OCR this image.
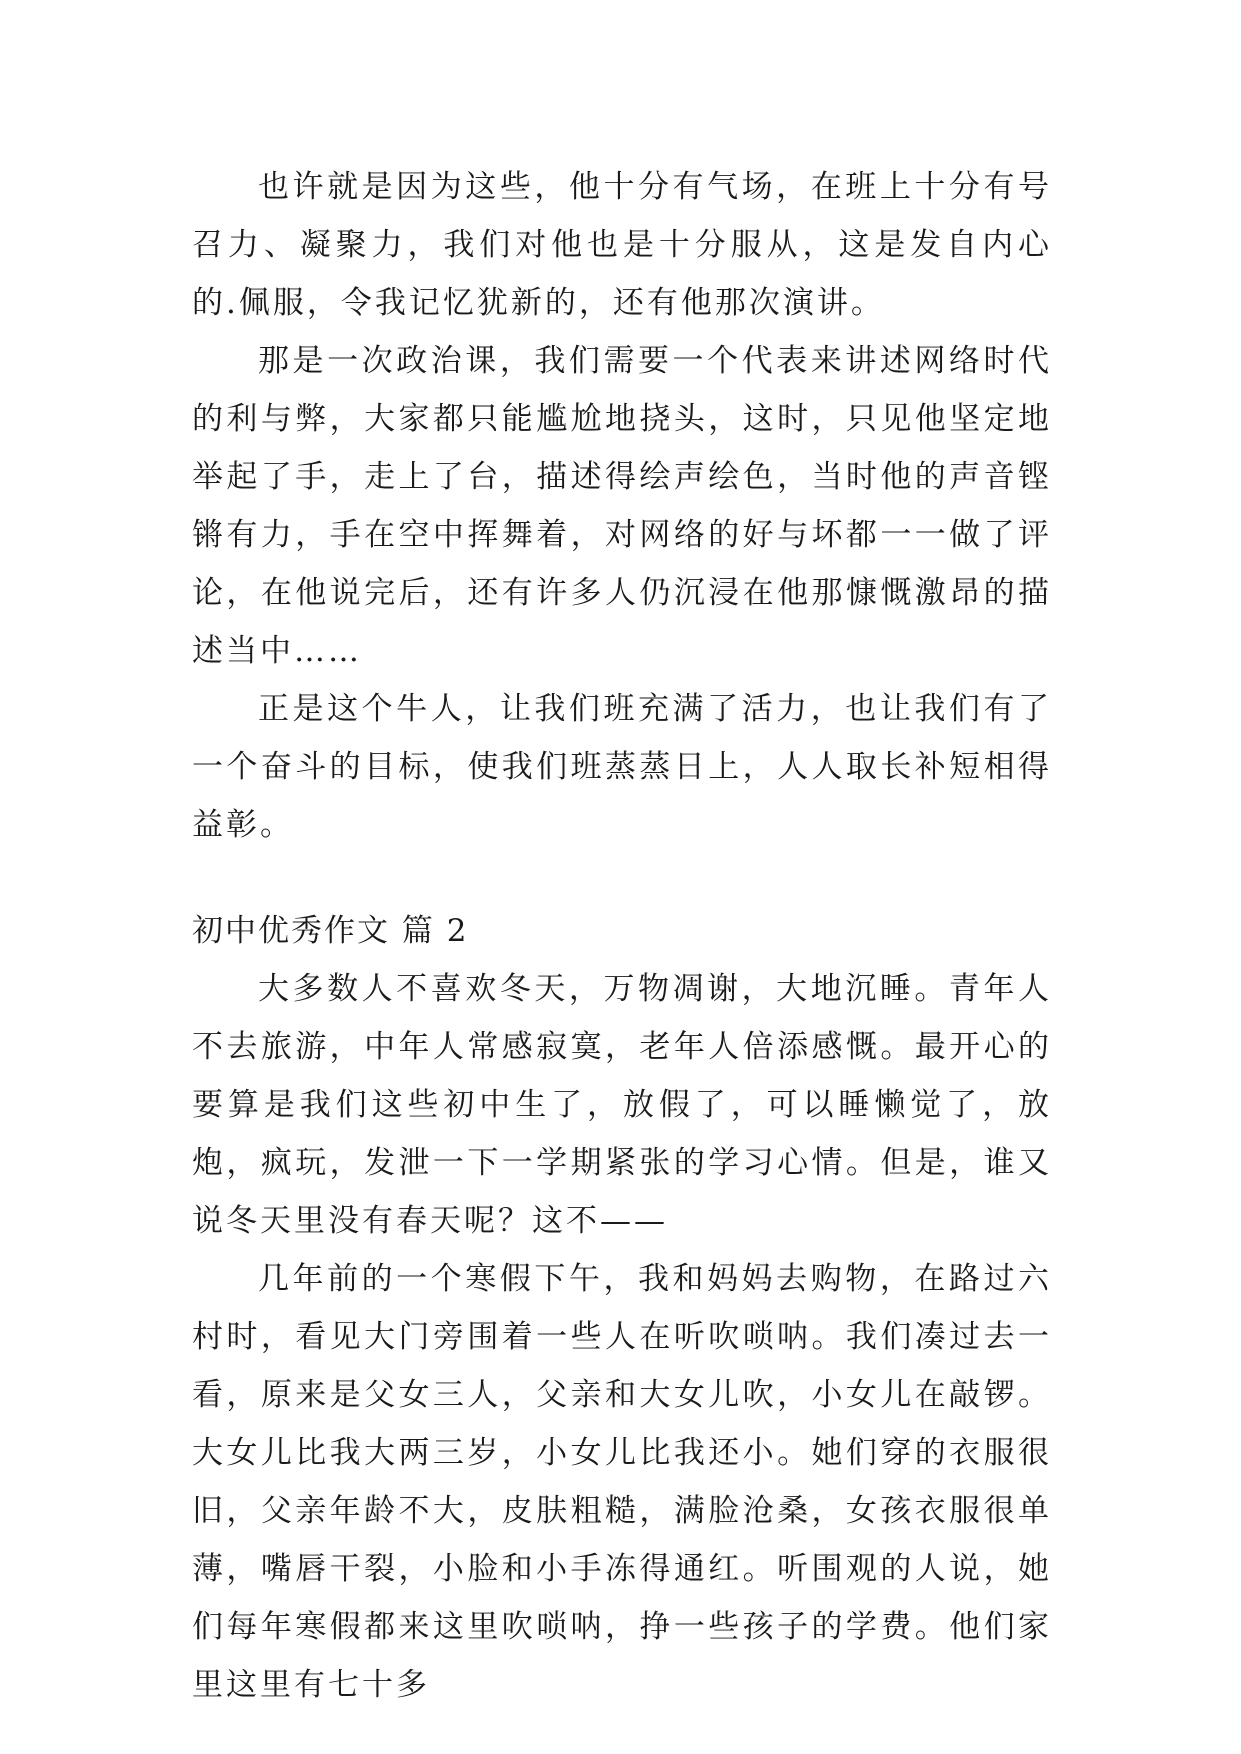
也许就是因为这些，他十分有气场，在班上十分有号召力、凝聚力，我们对他也是十分服从，这是发自内心的.佩服，令我记忆犹新的，还有他那次演讲。

那是一次政治课，我们需要一个代表来讲述网络时代的利与弊，大家都只能尴尬地挠头，这时，只见他坚定地举起了手，走上了台，描述得绘声绘色，当时他的声音铿锵有力，手在空中挥舞着，对网络的好与坏都一一做了评论，在他说完后，还有许多人仍沉浸在他那慷慨激昂的描述当中……

正是这个牛人，让我们班充满了活力，也让我们有了一个奋斗的目标，使我们班蒸蒸日上，人人取长补短相得益彰。

初中优秀作文 篇 2

大多数人不喜欢冬天，万物凋谢，大地沉睡。青年人不去旅游，中年人常感寂寞，老年人倍添感慨。最开心的要算是我们这些初中生了，放假了，可以睡懒觉了，放炮，疯玩，发泄一下一学期紧张的学习心情。但是，谁又说冬天里没有春天呢？这不——

几年前的一个寒假下午，我和妈妈去购物，在路过六村时，看见大门旁围着一些人在听吹唢呐。我们凑过去一看，原来是父女三人，父亲和大女儿吹，小女儿在敲锣。大女儿比我大两三岁，小女儿比我还小。她们穿的衣服很旧，父亲年龄不大，皮肤粗糙，满脸沧桑，女孩衣服很单薄，嘴唇干裂，小脸和小手冻得通红。听围观的人说，她们每年寒假都来这里吹唢呐，挣一些孩子的学费。他们家里这里有七十多
